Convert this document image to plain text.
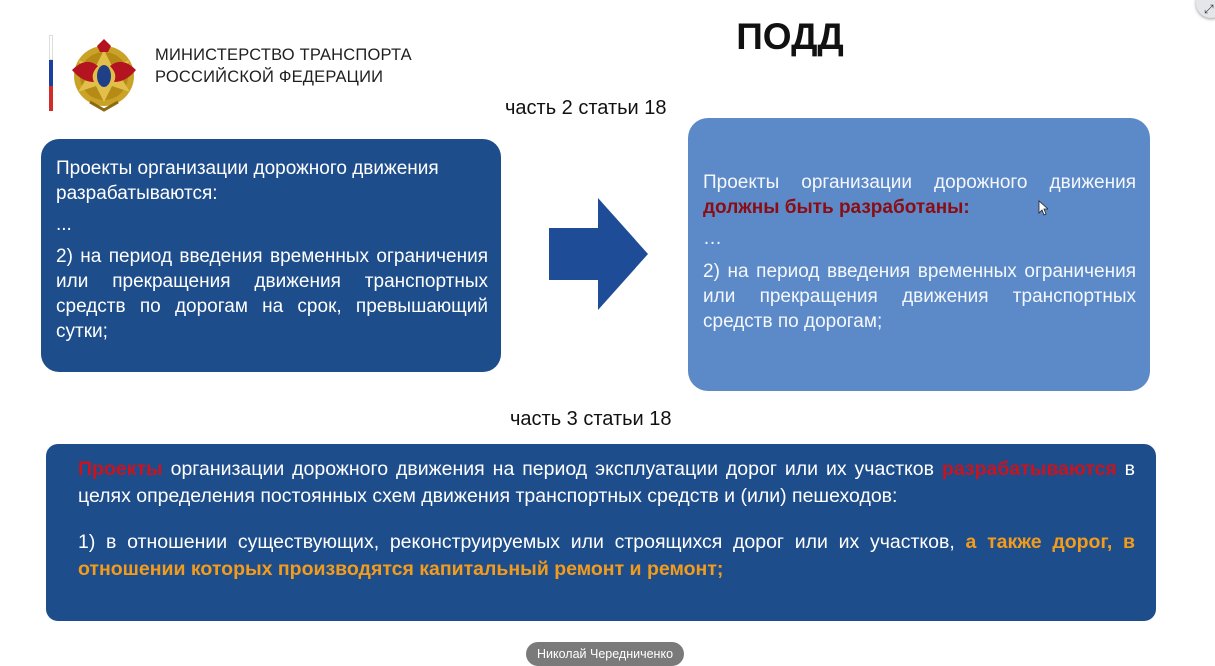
МИНИСТЕРСТВО ТРАНСПОРТА
РОССИЙСКОЙ ФЕДЕРАЦИИ
ПОДД
часть 2 статьи 18

Проекты организации дорожного движения разрабатываются:

...

2) на период введения временных ограничения или прекращения движения транспортных средств по дорогам на срок, превышающий сутки;

Проекты организации дорожного движения должны быть разработаны:

…

2) на период введения временных ограничения или прекращения движения транспортных средств по дорогам;

часть 3 статьи 18

Проекты организации дорожного движения на период эксплуатации дорог или их участков разрабатываются в целях определения постоянных схем движения транспортных средств и (или) пешеходов:

1) в отношении существующих, реконструируемых или строящихся дорог или их участков, а также дорог, в отношении которых производятся капитальный ремонт и ремонт;

⤢
Николай Чередниченко
